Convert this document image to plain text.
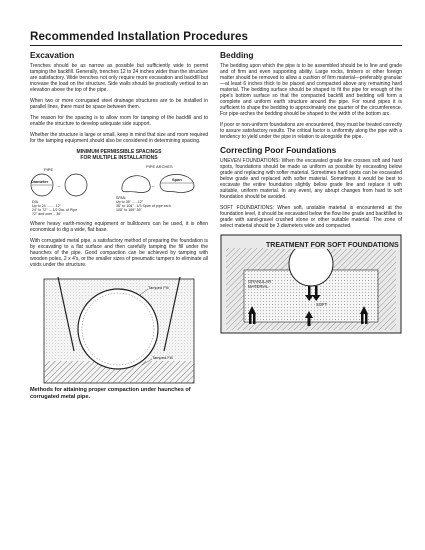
Recommended Installation Procedures
Excavation

Trenches should be as narrow as possible but sufficiently wide to permit tamping the backfill. Generally, trenches 12 to 24 inches wider than the structure are satisfactory. Wide trenches not only require more excavation and backfill but increase the load on the structure. Side walls should be practically vertical to an elevation above the top of the pipe.

When two or more corrugated steel drainage structures are to be installed in parallel lines, there must be space between them.

The reason for the spacing is to allow room for tamping of the backfill and to enable the structure to develop adequate side support.

Whether the structure is large or small, keep in mind that size and room required for the tamping equipment should also be considered in determining spacing.

MINIMUM PERMISSIBLE SPACINGS
FOR MULTIPLE INSTALLATIONS
PIPE
PIPE ARCHES
Diameter
↔
Span
↔
DIA.
Up to 24 ........ 12"
24" to 72" ....1/2 Dia. of Pipe
72" and over .. 36"
SPAN
Up to 36" ......12"
36" to 108" ..1/3 Span of pipe arch
108" to 189" 36"

Where heavy earth-moving equipment or bulldozers can be used, it is often economical to dig a wide, flat base.

With corrugated metal pipe, a satisfactory method of preparing the foundation is by excavating to a flat surface and then carefully tamping the fill under the haunches of the pipe. Good compaction can be achieved by tamping with wooden poles, 2 x 4's, or the smaller sizes of pneumatic tampers to eliminate all voids under the structure.

Tamped Fill
Tamped Fill
Methods for attaining proper compaction under haunches of corrugated metal pipe.
Bedding

The bedding upon which the pipe is to be assembled should be to line and grade and of firm and even supporting ability. Large rocks, timbers or other foreign matter should be removed to allow a cushion of firm material—preferably granular—at least 6 inches thick to be placed and compacted above any remaining hard material. The bedding surface should be shaped to fit the pipe for enough of the pipe's bottom surface so that the compacted backfill and bedding will form a complete and uniform earth structure around the pipe. For round pipes it is sufficient to shape the bedding to approximately one quarter of the circumference. For pipe-arches the bedding should be shaped to the width of the bottom arc.

If poor or non-uniform foundations are encountered, they must be treated correctly to assure satisfactory results. The critical factor is uniformity along the pipe with a tendency to yield under the pipe in relation to alongside the pipe.

Correcting Poor Foundations

UNEVEN FOUNDATIONS: When the excavated grade line crosses soft and hard spots, foundations should be made as uniform as possible by excavating below grade and replacing with softer material. Sometimes hard spots can be excavated below grade and replaced with softer material. Sometimes it would be best to excavate the entire foundation slightly below grade line and replace it with suitable, uniform material. In any event, any abrupt changes from hard to soft foundation should be avoided.

SOFT FOUNDATIONS: When soft, unstable material is encountered at the foundation level, it should be excavated below the flow line grade and backfilled to grade with sand-gravel crushed stone or other suitable material. The zone of select material should be 3 diameters wide and compacted.

TREATMENT FOR SOFT FOUNDATIONS
GRANULAR
MATERIAL
SOFT
